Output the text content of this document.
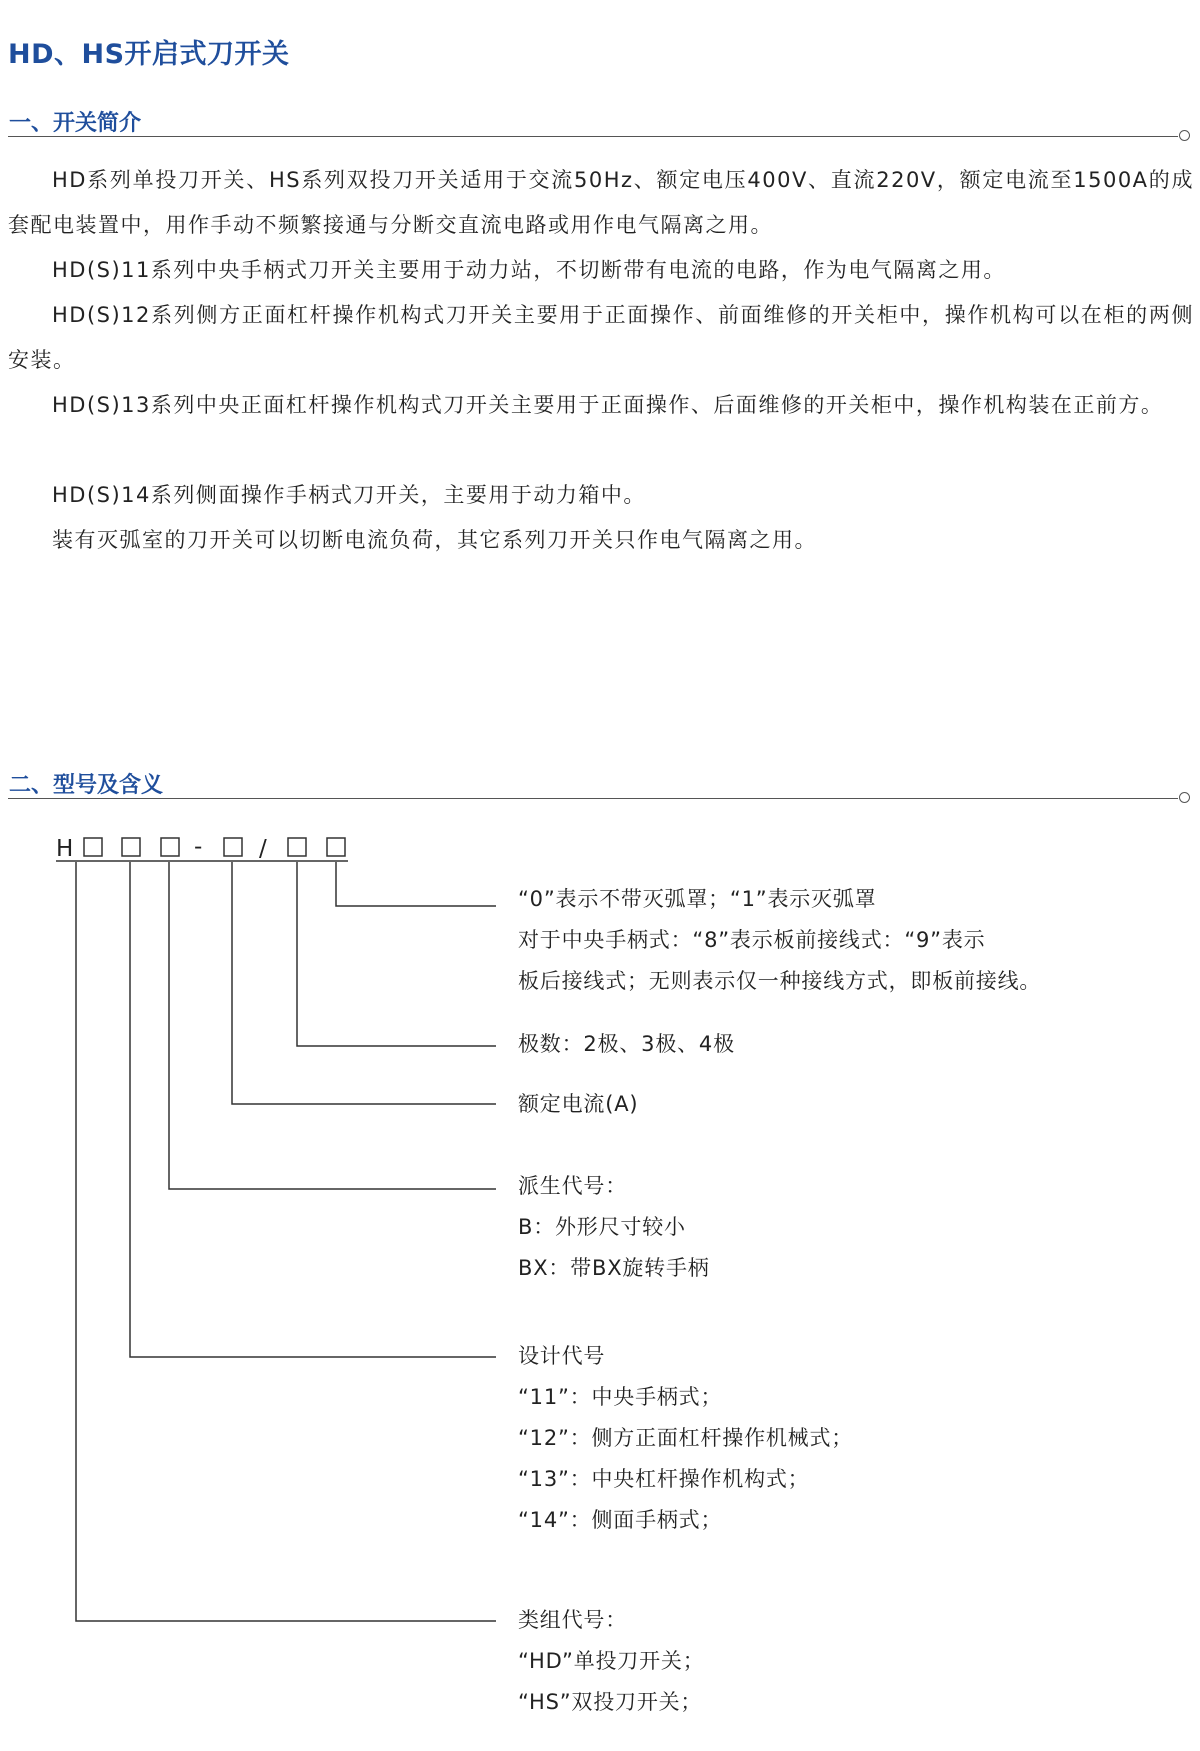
HD、HS开启式刀开关
一、开关简介

HD系列单投刀开关、HS系列双投刀开关适用于交流50Hz、额定电压400V、直流220V，额定电流至1500A的成套配电装置中，用作手动不频繁接通与分断交直流电路或用作电气隔离之用。

HD(S)11系列中央手柄式刀开关主要用于动力站，不切断带有电流的电路，作为电气隔离之用。

HD(S)12系列侧方正面杠杆操作机构式刀开关主要用于正面操作、前面维修的开关柜中，操作机构可以在柜的两侧安装。

HD(S)13系列中央正面杠杆操作机构式刀开关主要用于正面操作、后面维修的开关柜中，操作机构装在正前方。

HD(S)14系列侧面操作手柄式刀开关，主要用于动力箱中。

装有灭弧室的刀开关可以切断电流负荷，其它系列刀开关只作电气隔离之用。

二、型号及含义
H	- /
“0”表示不带灭弧罩；“1”表示灭弧罩
对于中央手柄式：“8”表示板前接线式：“9”表示
板后接线式；无则表示仅一种接线方式，即板前接线。
极数：2极、3极、4极
额定电流(A)
派生代号：
B：外形尺寸较小
BX：带BX旋转手柄
设计代号
“11”：中央手柄式；
“12”：侧方正面杠杆操作机械式；
“13”：中央杠杆操作机构式；
“14”：侧面手柄式；
类组代号：
“HD”单投刀开关；
“HS”双投刀开关；
